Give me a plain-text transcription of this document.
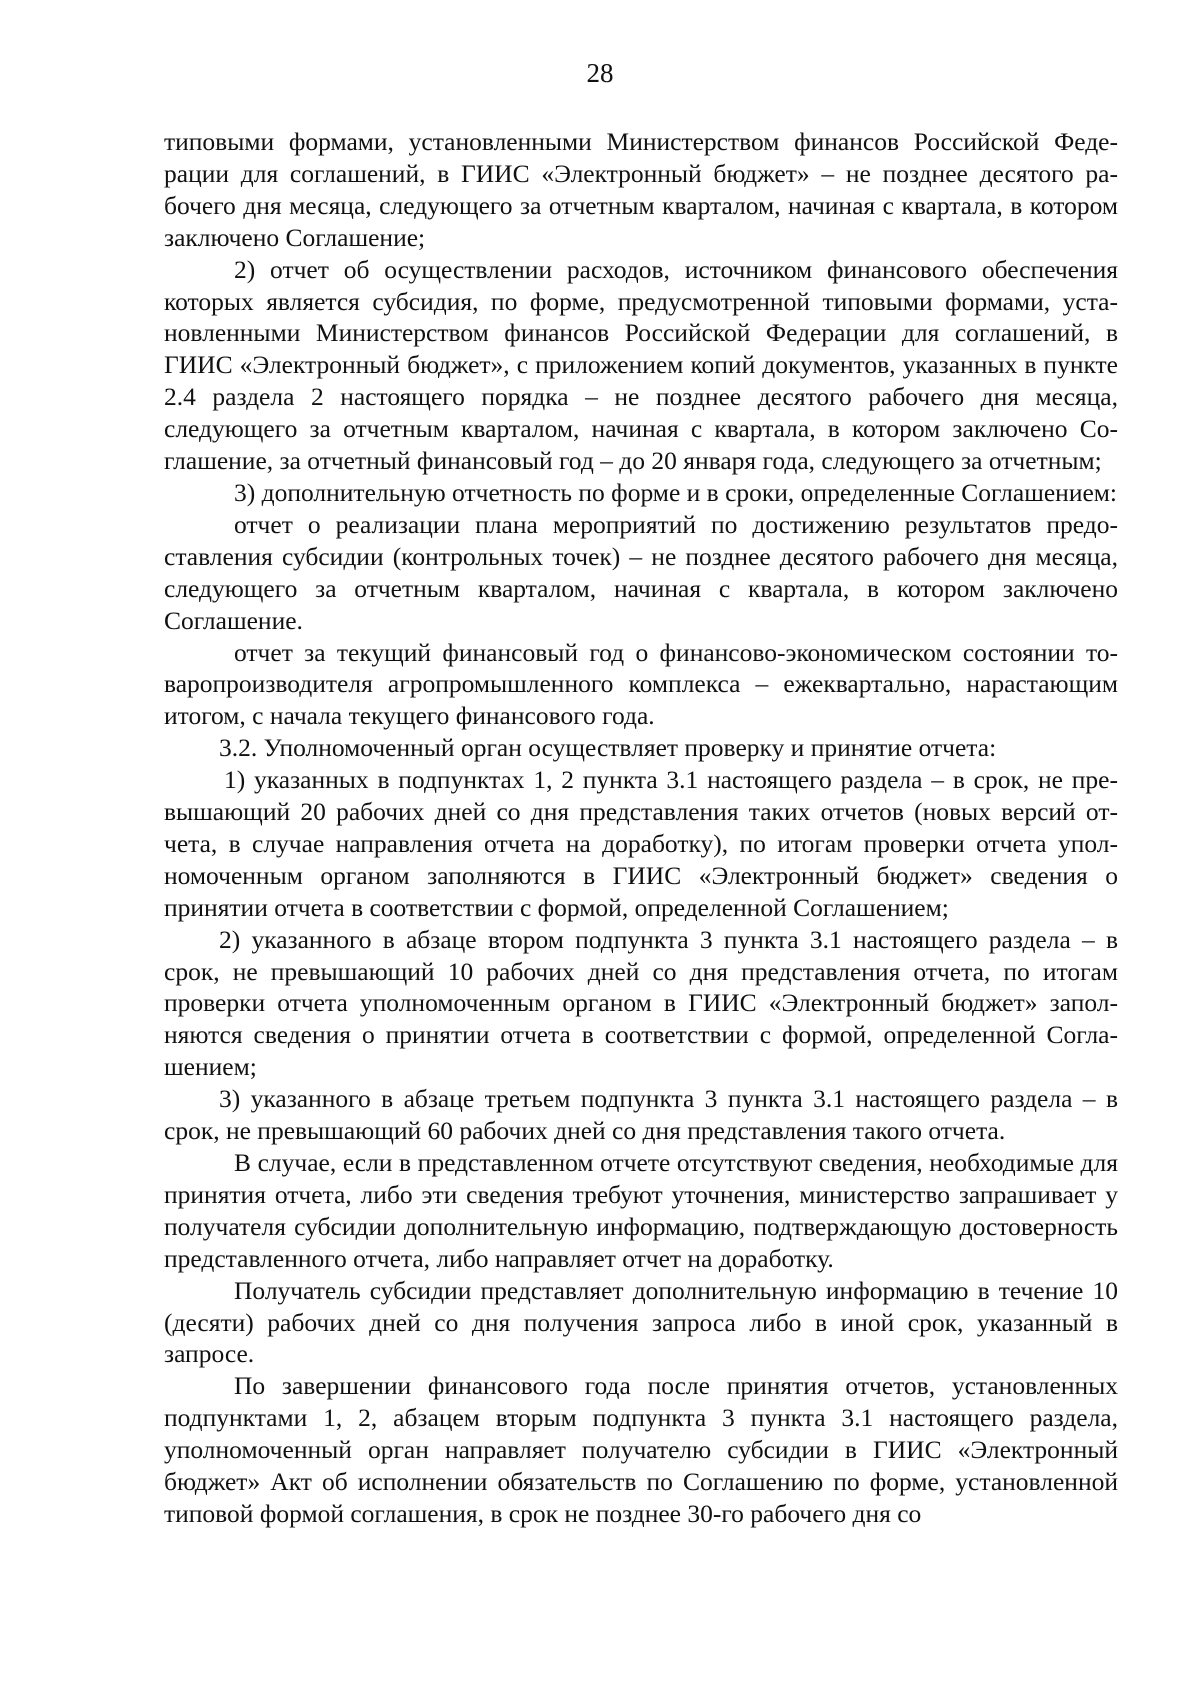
28

типовыми формами, установленными Министерством финансов Российской Федерации для соглашений, в ГИИС «Электронный бюджет» – не позднее десятого рабочего дня месяца, следующего за отчетным кварталом, начиная с квартала, в котором заключено Соглашение;

2) отчет об осуществлении расходов, источником финансового обеспечения которых является субсидия, по форме, предусмотренной типовыми формами, установленными Министерством финансов Российской Федерации для соглашений, в ГИИС «Электронный бюджет», с приложением копий документов, указанных в пункте 2.4 раздела 2 настоящего порядка – не позднее десятого рабочего дня месяца, следующего за отчетным кварталом, начиная с квартала, в котором заключено Соглашение, за отчетный финансовый год – до 20 января года, следующего за отчетным;

3) дополнительную отчетность по форме и в сроки, определенные Соглашением:

отчет о реализации плана мероприятий по достижению результатов предоставления субсидии (контрольных точек) – не позднее десятого рабочего дня месяца, следующего за отчетным кварталом, начиная с квартала, в котором заключено Соглашение.

отчет за текущий финансовый год о финансово-экономическом состоянии товаропроизводителя агропромышленного комплекса – ежеквартально, нарастающим итогом, с начала текущего финансового года.

3.2. Уполномоченный орган осуществляет проверку и принятие отчета:

1) указанных в подпунктах 1, 2 пункта 3.1 настоящего раздела – в срок, не превышающий 20 рабочих дней со дня представления таких отчетов (новых версий отчета, в случае направления отчета на доработку), по итогам проверки отчета уполномоченным органом заполняются в ГИИС «Электронный бюджет» сведения о принятии отчета в соответствии с формой, определенной Соглашением;

2) указанного в абзаце втором подпункта 3 пункта 3.1 настоящего раздела – в срок, не превышающий 10 рабочих дней со дня представления отчета, по итогам проверки отчета уполномоченным органом в ГИИС «Электронный бюджет» заполняются сведения о принятии отчета в соответствии с формой, определенной Соглашением;

3) указанного в абзаце третьем подпункта 3 пункта 3.1 настоящего раздела – в срок, не превышающий 60 рабочих дней со дня представления такого отчета.

В случае, если в представленном отчете отсутствуют сведения, необходимые для принятия отчета, либо эти сведения требуют уточнения, министерство запрашивает у получателя субсидии дополнительную информацию, подтверждающую достоверность представленного отчета, либо направляет отчет на доработку.

Получатель субсидии представляет дополнительную информацию в течение 10 (десяти) рабочих дней со дня получения запроса либо в иной срок, указанный в запросе.

По завершении финансового года после принятия отчетов, установленных подпунктами 1, 2, абзацем вторым подпункта 3 пункта 3.1 настоящего раздела, уполномоченный орган направляет получателю субсидии в ГИИС «Электронный бюджет» Акт об исполнении обязательств по Соглашению по форме, установленной типовой формой соглашения, в срок не позднее 30-го рабочего дня со
